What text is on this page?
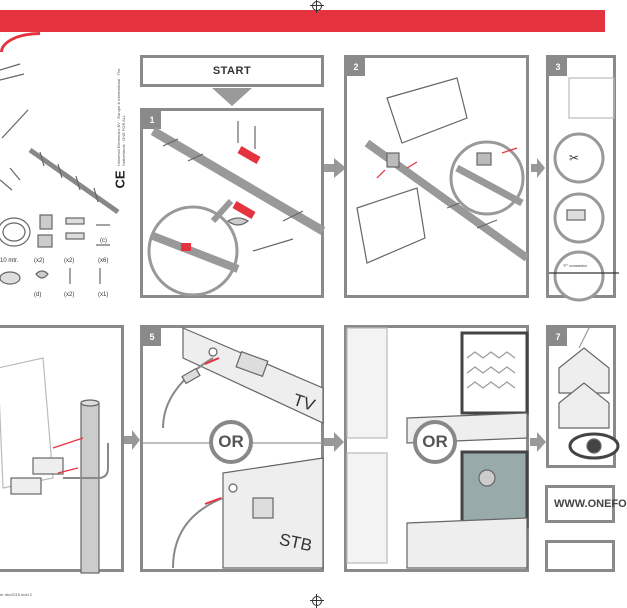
10 mtr.	(x2)	(x2)	(x6)
(c)
(d)	(x2)	(x1)
CE
Universal Electronics BV · Europe & International · The Netherlands · ONE FOR ALL
START
1
2	3
✂
"F" connector
5
TV
STB
OR	OR
7
WWW.ONEFO
er dec2015.indd 2
